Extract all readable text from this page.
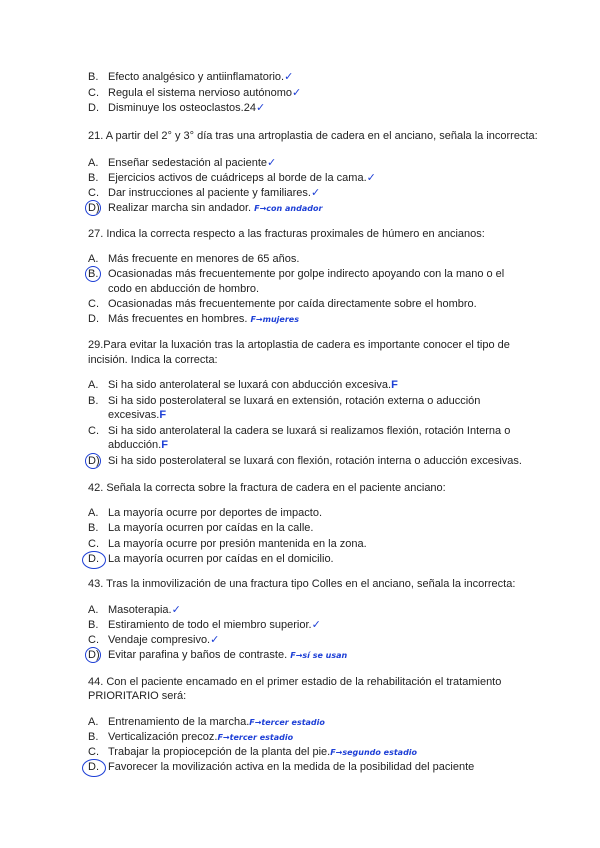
B. Efecto analgésico y antiinflamatorio.✓
C. Regula el sistema nervioso autónomo✓
D. Disminuye los osteoclastos.24✓
21. A partir del 2° y 3° día tras una artroplastia de cadera en el anciano, señala la incorrecta:
A. Enseñar sedestación al paciente✓
B. Ejercicios activos de cuádriceps al borde de la cama.✓
C. Dar instrucciones al paciente y familiares.✓
D) Realizar marcha sin andador. F→con andador
27. Indica la correcta respecto a las fracturas proximales de húmero en ancianos:
A. Más frecuente en menores de 65 años.
B. Ocasionadas más frecuentemente por golpe indirecto apoyando con la mano o el
codo en abducción de hombro.
C. Ocasionadas más frecuentemente por caída directamente sobre el hombro.
D. Más frecuentes en hombres. F→mujeres
29.Para evitar la luxación tras la artoplastia de cadera es importante conocer el tipo de
incisión. Indica la correcta:
A. Si ha sido anterolateral se luxará con abducción excesiva.F
B. Si ha sido posterolateral se luxará en extensión, rotación externa o aducción
excesivas.F
C. Si ha sido anterolateral la cadera se luxará si realizamos flexión, rotación Interna o
abducción.F
D) Si ha sido posterolateral se luxará con flexión, rotación interna o aducción excesivas.
42. Señala la correcta sobre la fractura de cadera en el paciente anciano:
A. La mayoría ocurre por deportes de impacto.
B. La mayoría ocurren por caídas en la calle.
C. La mayoría ocurre por presión mantenida en la zona.
D. La mayoría ocurren por caídas en el domicilio.
43. Tras la inmovilización de una fractura tipo Colles en el anciano, señala la incorrecta:
A. Masoterapia.✓
B. Estiramiento de todo el miembro superior.✓
C. Vendaje compresivo.✓
D) Evitar parafina y baños de contraste. F→sí se usan
44. Con el paciente encamado en el primer estadio de la rehabilitación el tratamiento
PRIORITARIO será:
A. Entrenamiento de la marcha.F→tercer estadio
B. Verticalización precoz.F→tercer estadio
C. Trabajar la propiocepción de la planta del pie.F→segundo estadio
D. Favorecer la movilización activa en la medida de la posibilidad del paciente
